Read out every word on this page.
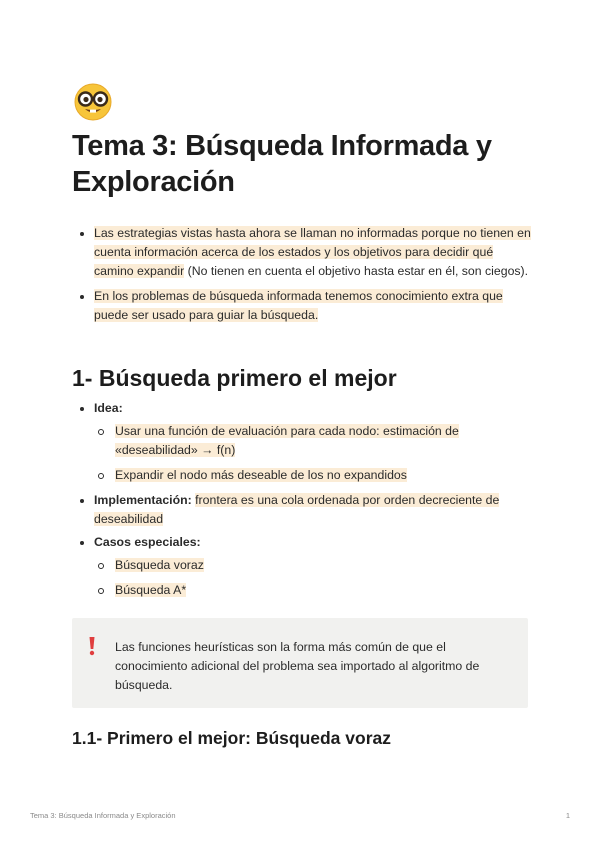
Tema 3: Búsqueda Informada y Exploración
Las estrategias vistas hasta ahora se llaman no informadas porque no tienen en cuenta información acerca de los estados y los objetivos para decidir qué camino expandir (No tienen en cuenta el objetivo hasta estar en él, son ciegos).
En los problemas de búsqueda informada tenemos conocimiento extra que puede ser usado para guiar la búsqueda.
1- Búsqueda primero el mejor
Idea:
Usar una función de evaluación para cada nodo: estimación de «deseabilidad» → f(n)
Expandir el nodo más deseable de los no expandidos
Implementación: frontera es una cola ordenada por orden decreciente de deseabilidad
Casos especiales:
Búsqueda voraz
Búsqueda A*
Las funciones heurísticas son la forma más común de que el conocimiento adicional del problema sea importado al algoritmo de búsqueda.
1.1- Primero el mejor: Búsqueda voraz
Tema 3: Búsqueda Informada y Exploración	1
